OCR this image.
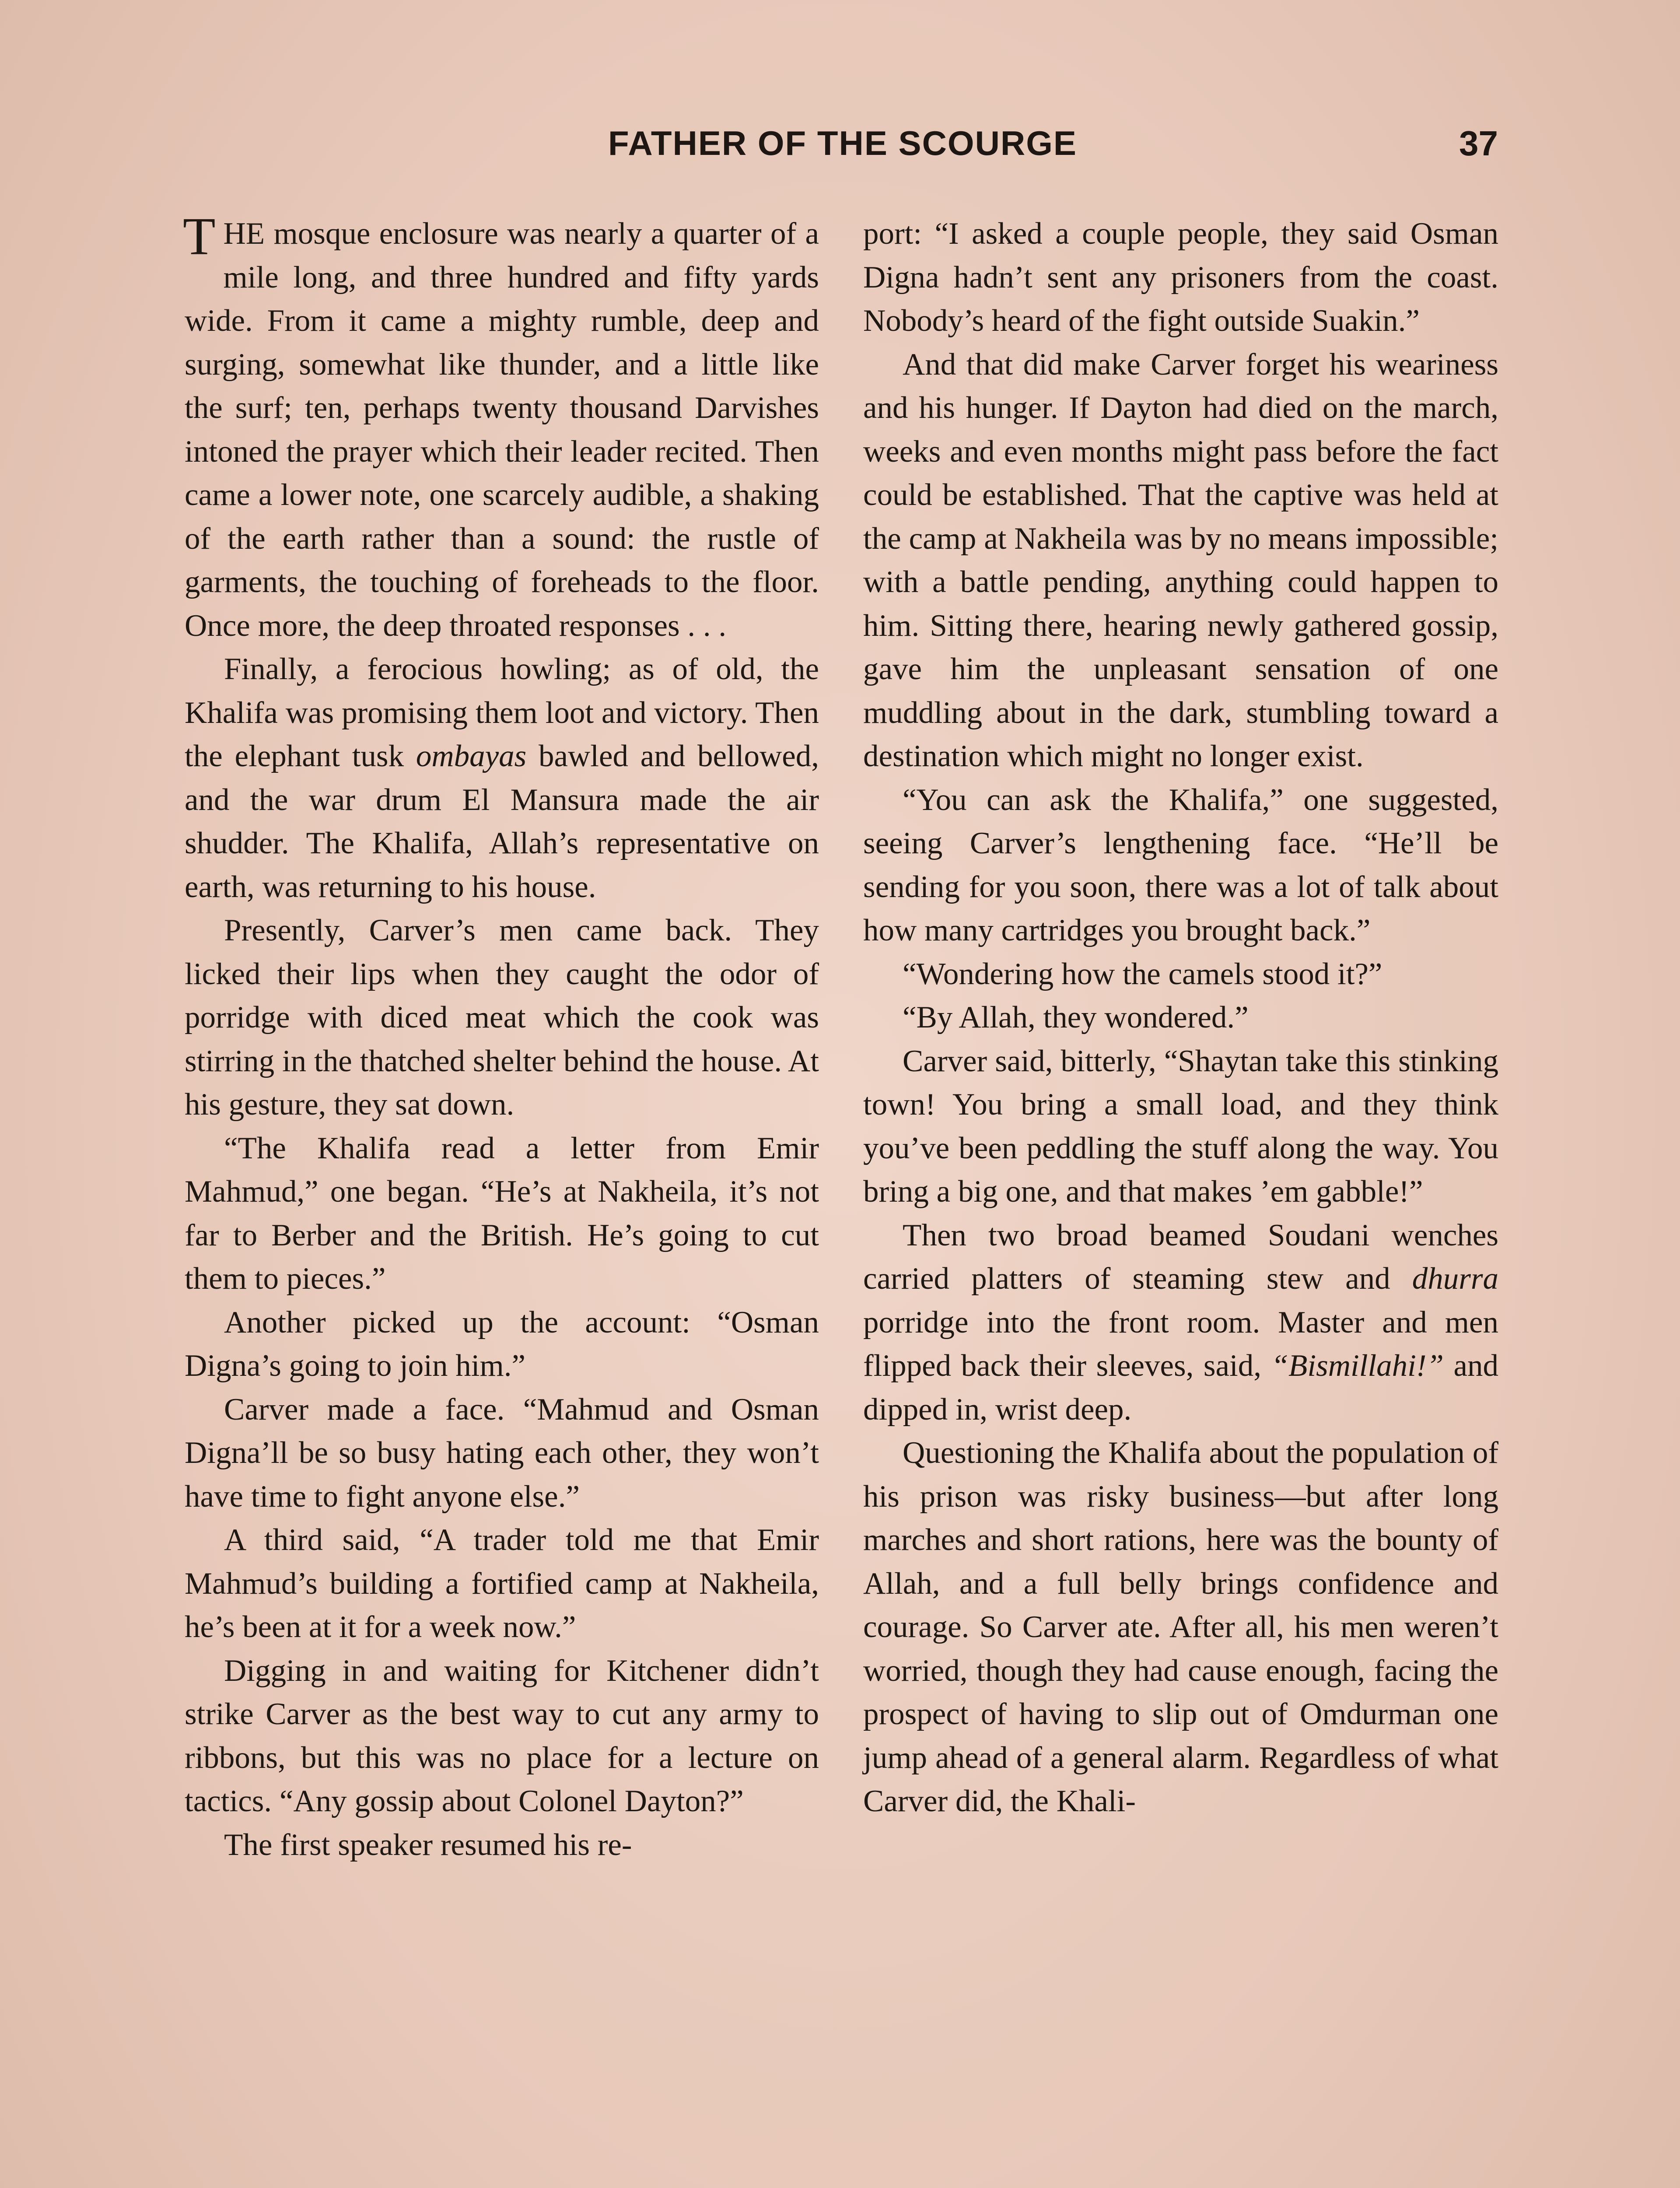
FATHER OF THE SCOURGE	37

THE mosque enclosure was nearly a quarter of a mile long, and three hundred and fifty yards wide. From it came a mighty rumble, deep and surging, somewhat like thunder, and a little like the surf; ten, perhaps twenty thousand Darvishes intoned the prayer which their leader recited. Then came a lower note, one scarcely audible, a shaking of the earth rather than a sound: the rustle of garments, the touching of foreheads to the floor. Once more, the deep throated responses . . .

Finally, a ferocious howling; as of old, the Khalifa was promising them loot and victory. Then the elephant tusk ombayas bawled and bellowed, and the war drum El Mansura made the air shudder. The Khalifa, Allah’s representative on earth, was returning to his house.

Presently, Carver’s men came back. They licked their lips when they caught the odor of porridge with diced meat which the cook was stirring in the thatched shelter behind the house. At his gesture, they sat down.

“The Khalifa read a letter from Emir Mahmud,” one began. “He’s at Nakheila, it’s not far to Berber and the British. He’s going to cut them to pieces.”

Another picked up the account: “Osman Digna’s going to join him.”

Carver made a face. “Mahmud and Osman Digna’ll be so busy hating each other, they won’t have time to fight anyone else.”

A third said, “A trader told me that Emir Mahmud’s building a fortified camp at Nakheila, he’s been at it for a week now.”

Digging in and waiting for Kitchener didn’t strike Carver as the best way to cut any army to ribbons, but this was no place for a lecture on tactics. “Any gossip about Colonel Dayton?”

The first speaker resumed his re-

port: “I asked a couple people, they said Osman Digna hadn’t sent any prisoners from the coast. Nobody’s heard of the fight outside Suakin.”

And that did make Carver forget his weariness and his hunger. If Dayton had died on the march, weeks and even months might pass before the fact could be established. That the captive was held at the camp at Nakheila was by no means impossible; with a battle pending, anything could happen to him. Sitting there, hearing newly gathered gossip, gave him the unpleasant sensation of one muddling about in the dark, stumbling toward a destination which might no longer exist.

“You can ask the Khalifa,” one suggested, seeing Carver’s lengthening face. “He’ll be sending for you soon, there was a lot of talk about how many cartridges you brought back.”

“Wondering how the camels stood it?”

“By Allah, they wondered.”

Carver said, bitterly, “Shaytan take this stinking town! You bring a small load, and they think you’ve been peddling the stuff along the way. You bring a big one, and that makes ’em gabble!”

Then two broad beamed Soudani wenches carried platters of steaming stew and dhurra porridge into the front room. Master and men flipped back their sleeves, said, “Bismillahi!” and dipped in, wrist deep.

Questioning the Khalifa about the population of his prison was risky business—but after long marches and short rations, here was the bounty of Allah, and a full belly brings confidence and courage. So Carver ate. After all, his men weren’t worried, though they had cause enough, facing the prospect of having to slip out of Omdurman one jump ahead of a general alarm. Regardless of what Carver did, the Khali-
